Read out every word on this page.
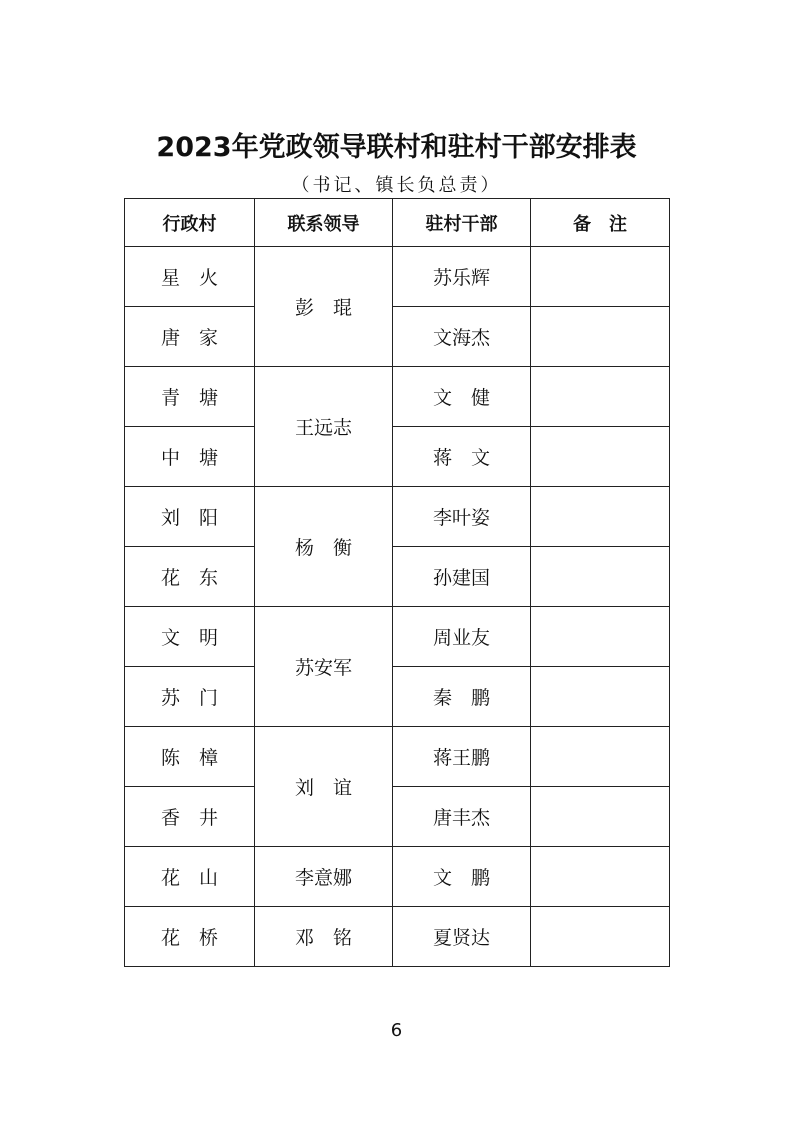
2023年党政领导联村和驻村干部安排表
（书记、镇长负总责）
行政村	联系领导	驻村干部	备　注
星　火	彭　琨	苏乐辉	
唐　家		文海杰	
青　塘	王远志	文　健	
中　塘		蒋　文	
刘　阳	杨　衡	李叶姿	
花　东		孙建国	
文　明	苏安军	周业友	
苏　门		秦　鹏	
陈　樟	刘　谊	蒋王鹏	
香　井		唐丰杰	
花　山	李意娜	文　鹏	
花　桥	邓　铭	夏贤达	
6
